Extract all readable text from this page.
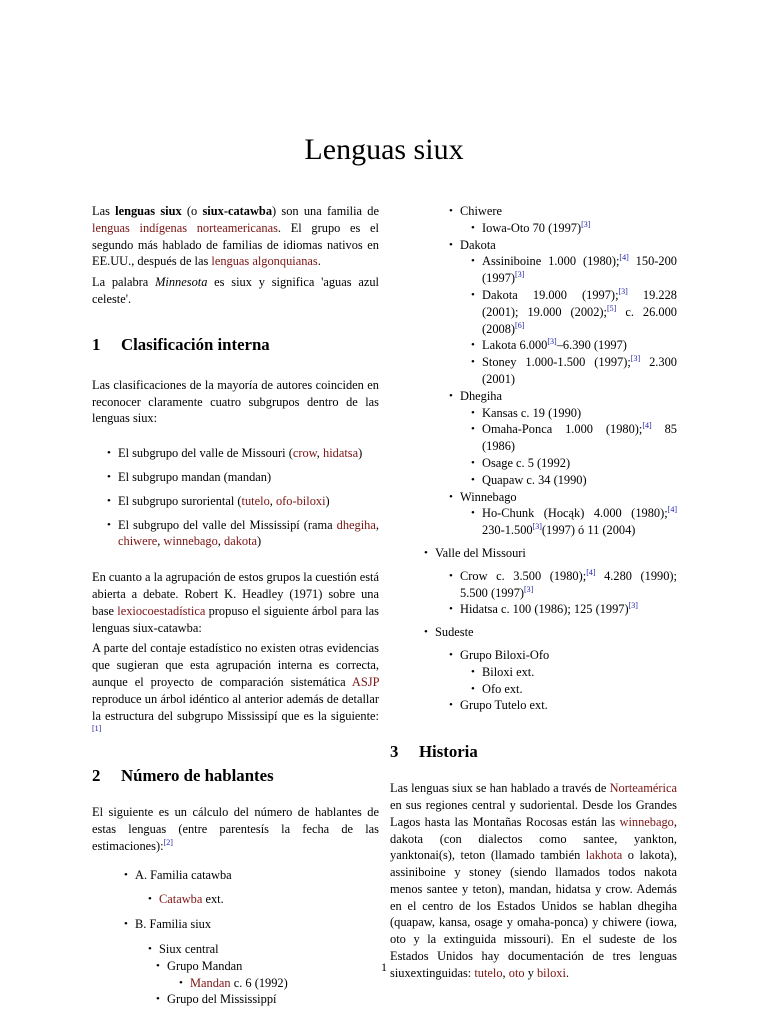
Lenguas siux

Las lenguas siux (o siux-catawba) son una familia de lenguas indígenas norteamericanas. El grupo es el segundo más hablado de familias de idiomas nativos en EE.UU., después de las lenguas algonquianas.

La palabra Minnesota es siux y significa 'aguas azul celeste'.

1 Clasificación interna

Las clasificaciones de la mayoría de autores coinciden en reconocer claramente cuatro subgrupos dentro de las lenguas siux:

• El subgrupo del valle de Missouri (crow, hidatsa)
• El subgrupo mandan (mandan)
• El subgrupo suroriental (tutelo, ofo-biloxi)
• El subgrupo del valle del Mississipí (rama dhegiha, chiwere, winnebago, dakota)

En cuanto a la agrupación de estos grupos la cuestión está abierta a debate. Robert K. Headley (1971) sobre una base lexiocoestadística propuso el siguiente árbol para las lenguas siux-catawba:

A parte del contaje estadístico no existen otras evidencias que sugieran que esta agrupación interna es correcta, aunque el proyecto de comparación sistemática ASJP reproduce un árbol idéntico al anterior además de detallar la estructura del subgrupo Mississipí que es la siguiente:[1]

2 Número de hablantes

El siguiente es un cálculo del número de hablantes de estas lenguas (entre parentesís la fecha de las estimaciones):[2]

• A. Familia catawba
• Catawba ext.
• B. Familia siux
• Siux central
• Grupo Mandan
• Mandan c. 6 (1992)
• Grupo del Mississippí
• Chiwere
• Iowa-Oto 70 (1997)[3]
• Dakota
• Assiniboine 1.000 (1980);[4] 150-200 (1997)[3]
• Dakota 19.000 (1997);[3] 19.228 (2001); 19.000 (2002);[5] c. 26.000 (2008)[6]
• Lakota 6.000[3]–6.390 (1997)
• Stoney 1.000-1.500 (1997);[3] 2.300 (2001)
• Dhegiha
• Kansas c. 19 (1990)
• Omaha-Ponca 1.000 (1980);[4] 85 (1986)
• Osage c. 5 (1992)
• Quapaw c. 34 (1990)
• Winnebago
• Ho-Chunk (Hocąk) 4.000 (1980);[4] 230-1.500[3](1997) ó 11 (2004)
• Valle del Missouri
• Crow c. 3.500 (1980);[4] 4.280 (1990); 5.500 (1997)[3]
• Hidatsa c. 100 (1986); 125 (1997)[3]
• Sudeste
• Grupo Biloxi-Ofo
• Biloxi ext.
• Ofo ext.
• Grupo Tutelo ext.
3 Historia

Las lenguas siux se han hablado a través de Norteamérica en sus regiones central y sudoriental. Desde los Grandes Lagos hasta las Montañas Rocosas están las winnebago, dakota (con dialectos como santee, yankton, yanktonai(s), teton (llamado también lakhota o lakota), assiniboine y stoney (siendo llamados todos nakota menos santee y teton), mandan, hidatsa y crow. Además en el centro de los Estados Unidos se hablan dhegiha (quapaw, kansa, osage y omaha-ponca) y chiwere (iowa, oto y la extinguida missouri). En el sudeste de los Estados Unidos hay documentación de tres lenguas siuxextinguidas: tutelo, oto y biloxi.

1
